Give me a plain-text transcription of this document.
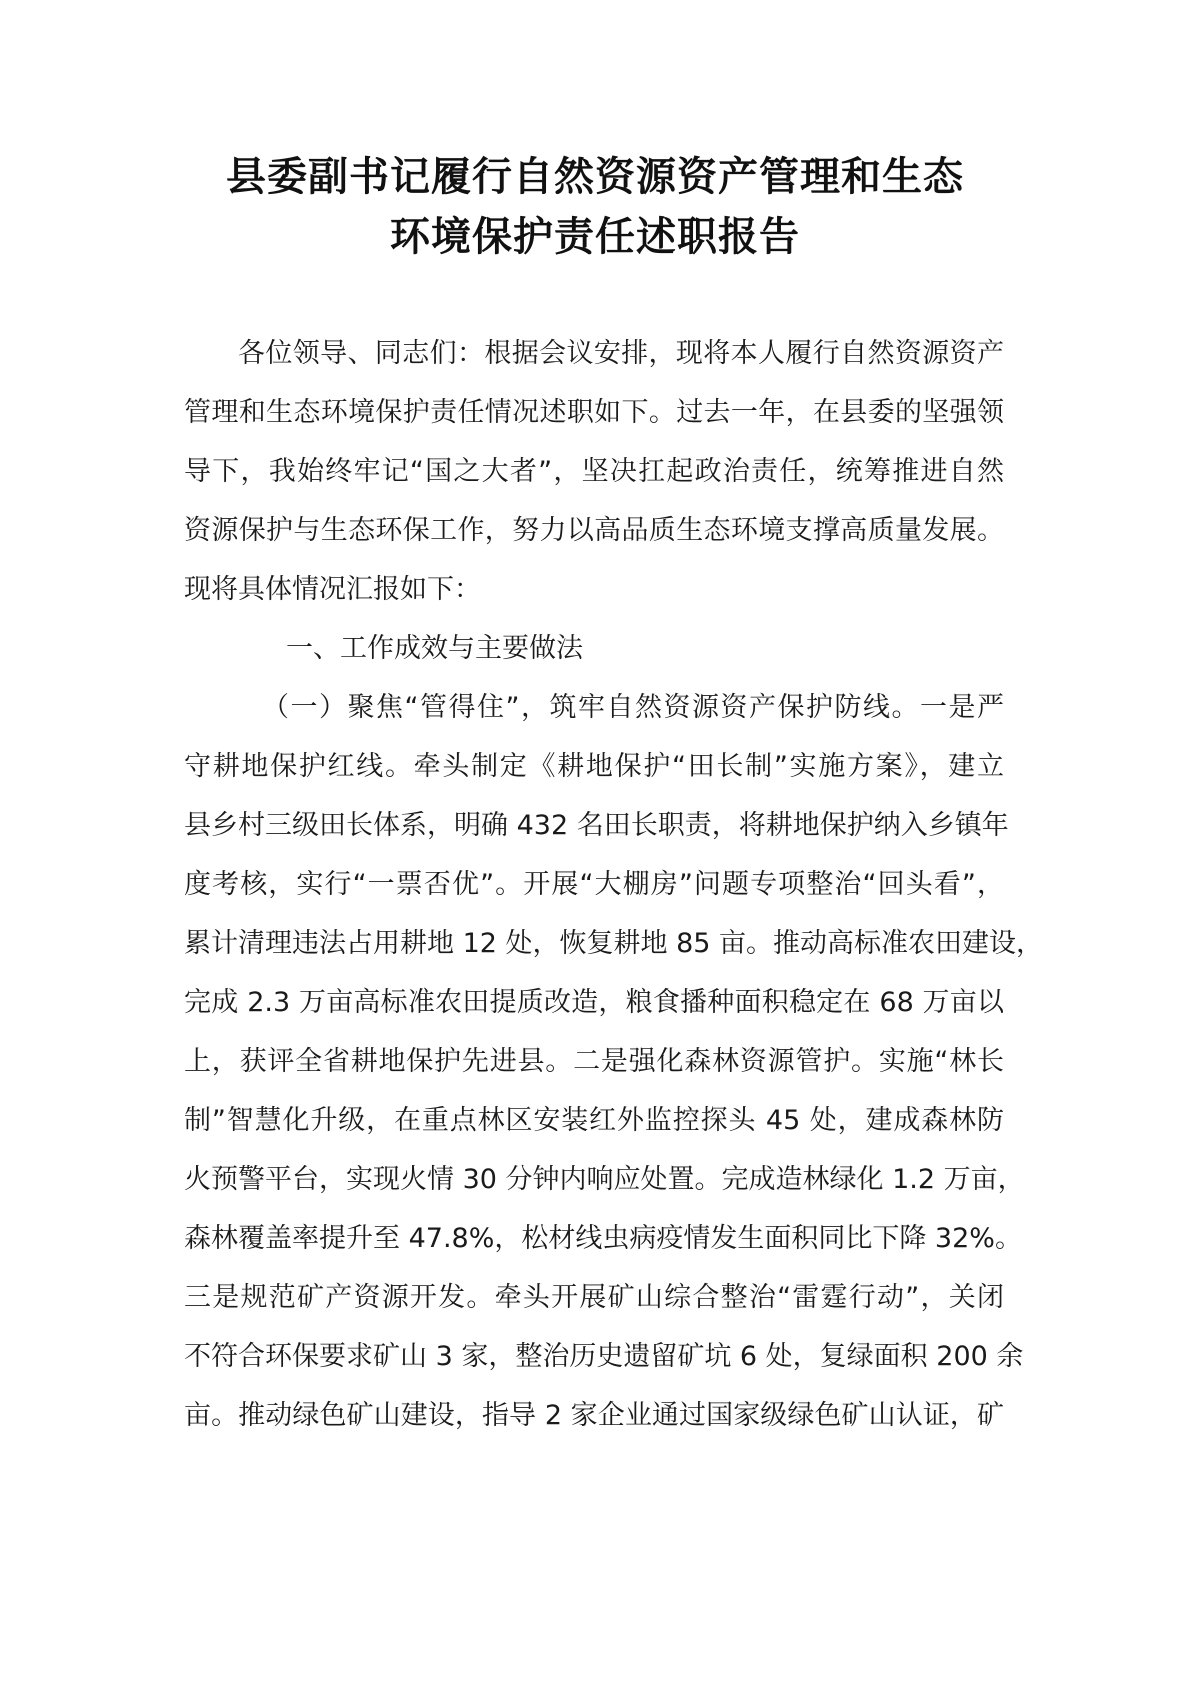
县委副书记履行自然资源资产管理和生态
环境保护责任述职报告

各位领导、同志们：根据会议安排，现将本人履行自然资源资产

管理和生态环境保护责任情况述职如下。过去一年，在县委的坚强领

导下，我始终牢记“国之大者”，坚决扛起政治责任，统筹推进自然

资源保护与生态环保工作，努力以高品质生态环境支撑高质量发展。

现将具体情况汇报如下：

一、工作成效与主要做法

（一）聚焦“管得住”，筑牢自然资源资产保护防线。一是严

守耕地保护红线。牵头制定《耕地保护“田长制”实施方案》，建立

县乡村三级田长体系，明确 432 名田长职责，将耕地保护纳入乡镇年

度考核，实行“一票否优”。开展“大棚房”问题专项整治“回头看”，

累计清理违法占用耕地 12 处，恢复耕地 85 亩。推动高标准农田建设，

完成 2.3 万亩高标准农田提质改造，粮食播种面积稳定在 68 万亩以

上，获评全省耕地保护先进县。二是强化森林资源管护。实施“林长

制”智慧化升级，在重点林区安装红外监控探头 45 处，建成森林防

火预警平台，实现火情 30 分钟内响应处置。完成造林绿化 1.2 万亩，

森林覆盖率提升至 47.8%，松材线虫病疫情发生面积同比下降 32%。

三是规范矿产资源开发。牵头开展矿山综合整治“雷霆行动”，关闭

不符合环保要求矿山 3 家，整治历史遗留矿坑 6 处，复绿面积 200 余

亩。推动绿色矿山建设，指导 2 家企业通过国家级绿色矿山认证，矿
